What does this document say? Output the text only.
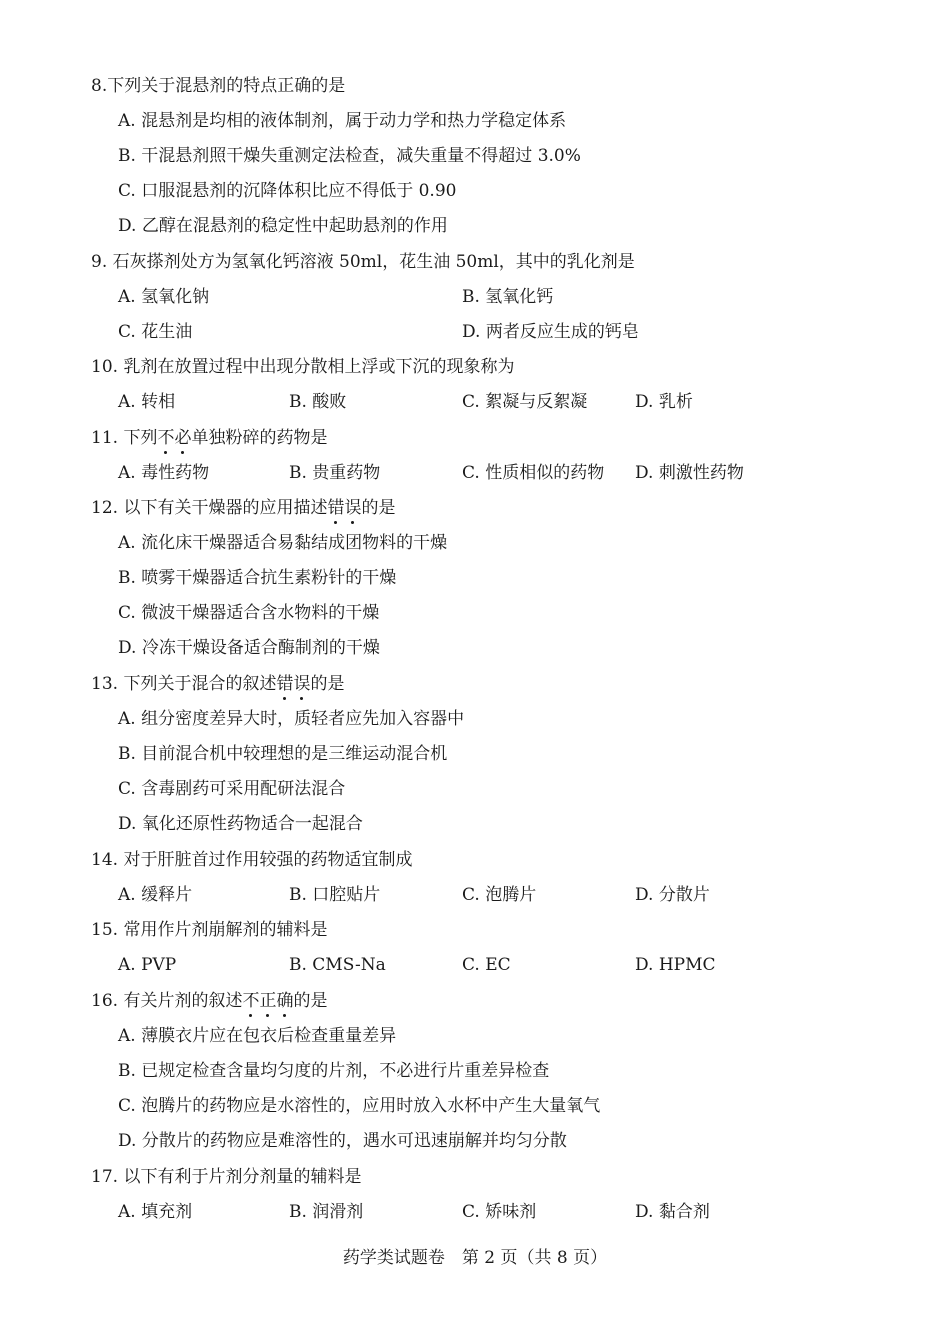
8.下列关于混悬剂的特点正确的是
A. 混悬剂是均相的液体制剂，属于动力学和热力学稳定体系
B. 干混悬剂照干燥失重测定法检查，减失重量不得超过 3.0%
C. 口服混悬剂的沉降体积比应不得低于 0.90
D. 乙醇在混悬剂的稳定性中起助悬剂的作用
9. 石灰搽剂处方为氢氧化钙溶液 50ml，花生油 50ml，其中的乳化剂是
A. 氢氧化钠	B. 氢氧化钙
C. 花生油	D. 两者反应生成的钙皂
10. 乳剂在放置过程中出现分散相上浮或下沉的现象称为
A. 转相	B. 酸败	C. 絮凝与反絮凝	D. 乳析
11. 下列不必单独粉碎的药物是
A. 毒性药物	B. 贵重药物	C. 性质相似的药物 D. 刺激性药物
12. 以下有关干燥器的应用描述错误的是
A. 流化床干燥器适合易黏结成团物料的干燥
B. 喷雾干燥器适合抗生素粉针的干燥
C. 微波干燥器适合含水物料的干燥
D. 冷冻干燥设备适合酶制剂的干燥
13. 下列关于混合的叙述错误的是
A. 组分密度差异大时，质轻者应先加入容器中
B. 目前混合机中较理想的是三维运动混合机
C. 含毒剧药可采用配研法混合
D. 氧化还原性药物适合一起混合
14. 对于肝脏首过作用较强的药物适宜制成
A. 缓释片	B. 口腔贴片	C. 泡腾片	D. 分散片
15. 常用作片剂崩解剂的辅料是
A. PVP	B. CMS-Na	C. EC	D. HPMC
16. 有关片剂的叙述不正确的是
A. 薄膜衣片应在包衣后检查重量差异
B. 已规定检查含量均匀度的片剂，不必进行片重差异检查
C. 泡腾片的药物应是水溶性的，应用时放入水杯中产生大量氧气
D. 分散片的药物应是难溶性的，遇水可迅速崩解并均匀分散
17. 以下有利于片剂分剂量的辅料是
A. 填充剂	B. 润滑剂	C. 矫味剂	D. 黏合剂
药学类试题卷　第 2 页（共 8 页）
